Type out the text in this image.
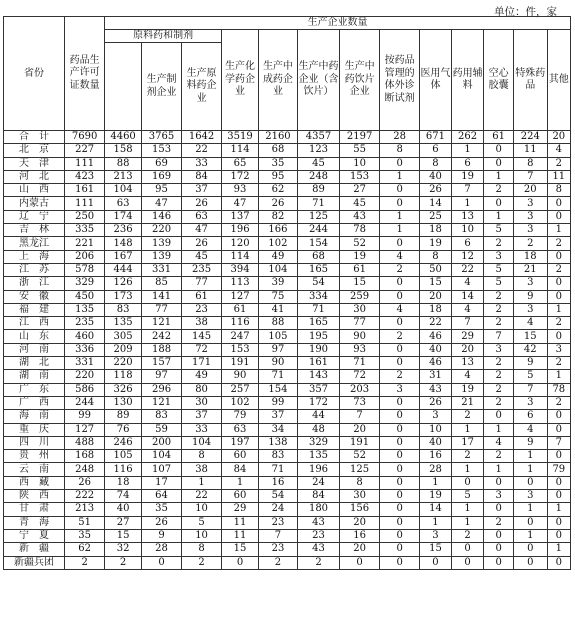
单位：件，家
省份	药品生产许可证数量	生产企业数量												
		原料药和制剂			生产化学药企业	生产中成药企业	生产中药企业（含饮片）	生产中药饮片企业	按药品管理的体外诊断试剂	医用气体	药用辅料	空心胶囊	特殊药品	其他
			生产制剂企业	生产原料药企业										
合　计	7690	4460	3765	1642	3519	2160	4357	2197	28	671	262	61	224	20
北　京	227	158	153	22	114	68	123	55	8	6	1	0	11	4
天　津	111	88	69	33	65	35	45	10	0	8	6	0	8	2
河　北	423	213	169	84	172	95	248	153	1	40	19	1	7	11
山　西	161	104	95	37	93	62	89	27	0	26	7	2	20	8
内蒙古	111	63	47	26	47	26	71	45	0	14	1	0	3	0
辽　宁	250	174	146	63	137	82	125	43	1	25	13	1	3	0
吉　林	335	236	220	47	196	166	244	78	1	18	10	5	3	1
黑龙江	221	148	139	26	120	102	154	52	0	19	6	2	2	2
上　海	206	167	139	45	114	49	68	19	4	8	12	3	18	0
江　苏	578	444	331	235	394	104	165	61	2	50	22	5	21	2
浙　江	329	126	85	77	113	39	54	15	0	15	4	5	3	0
安　徽	450	173	141	61	127	75	334	259	0	20	14	2	9	0
福　建	135	83	77	23	61	41	71	30	4	18	4	2	3	1
江　西	235	135	121	38	116	88	165	77	0	22	7	2	4	2
山　东	460	305	242	145	247	105	195	90	2	46	29	7	15	0
河　南	336	209	188	72	153	97	190	93	0	40	20	3	42	3
湖　北	331	220	157	171	191	90	161	71	0	46	13	2	9	2
湖　南	220	118	97	49	90	71	143	72	2	31	4	2	5	1
广　东	586	326	296	80	257	154	357	203	3	43	19	2	7	78
广　西	244	130	121	30	102	99	172	73	0	26	21	2	3	2
海　南	99	89	83	37	79	37	44	7	0	3	2	0	6	0
重　庆	127	76	59	33	63	34	48	20	0	10	1	1	4	0
四　川	488	246	200	104	197	138	329	191	0	40	17	4	9	7
贵　州	168	105	104	8	60	83	135	52	0	16	2	2	1	0
云　南	248	116	107	38	84	71	196	125	0	28	1	1	1	79
西　藏	26	18	17	1	1	16	24	8	0	1	0	0	0	0
陕　西	222	74	64	22	60	54	84	30	0	19	5	3	3	0
甘　肃	213	40	35	10	29	24	180	156	0	14	1	0	1	1
青　海	51	27	26	5	11	23	43	20	0	1	1	2	0	0
宁　夏	35	15	9	10	11	7	23	16	0	3	2	0	1	0
新　疆	62	32	28	8	15	23	43	20	0	15	0	0	0	1
新疆兵团	2	2	0	2	0	2	2	0	0	0	0	0	0	0
